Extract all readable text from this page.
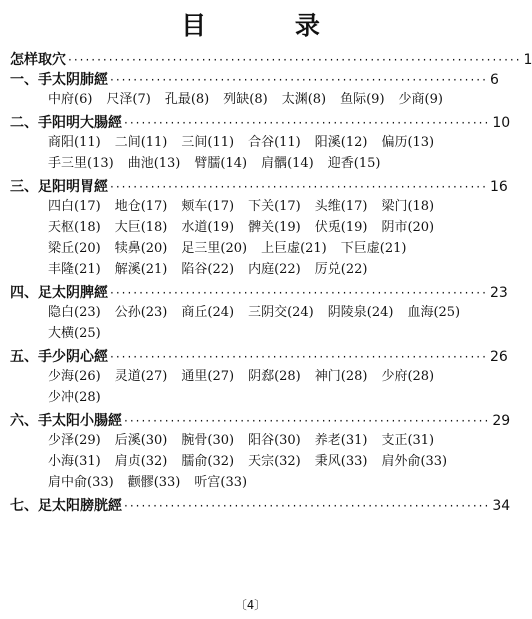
目 录
怎样取穴 ·············································································· 1
一、手太阴肺經 ································································· 6
中府(6) 尺泽(7) 孔最(8) 列缺(8) 太渊(8) 鱼际(9) 少商(9)
二、手阳明大腸經 ······························································· 10
商阳(11) 二间(11) 三间(11) 合谷(11) 阳溪(12) 偏历(13)
手三里(13) 曲池(13) 臂臑(14) 肩髃(14) 迎香(15)
三、足阳明胃經 ································································· 16
四白(17) 地仓(17) 颊车(17) 下关(17) 头维(17) 梁门(18)
天枢(18) 大巨(18) 水道(19) 髀关(19) 伏兎(19) 阴市(20)
梁丘(20) 犊鼻(20) 足三里(20) 上巨虚(21) 下巨虚(21)
丰隆(21) 解溪(21) 陷谷(22) 内庭(22) 厉兑(22)
四、足太阴脾經 ································································· 23
隐白(23) 公孙(23) 商丘(24) 三阴交(24) 阴陵泉(24) 血海(25)
大横(25)
五、手少阴心經 ································································· 26
少海(26) 灵道(27) 通里(27) 阴郄(28) 神门(28) 少府(28)
少冲(28)
六、手太阳小腸經 ······························································· 29
少泽(29) 后溪(30) 腕骨(30) 阳谷(30) 养老(31) 支正(31)
小海(31) 肩贞(32) 臑俞(32) 天宗(32) 秉风(33) 肩外俞(33)
肩中俞(33) 颧髎(33) 听宫(33)
七、足太阳膀胱經 ······························································· 34
〔4〕
